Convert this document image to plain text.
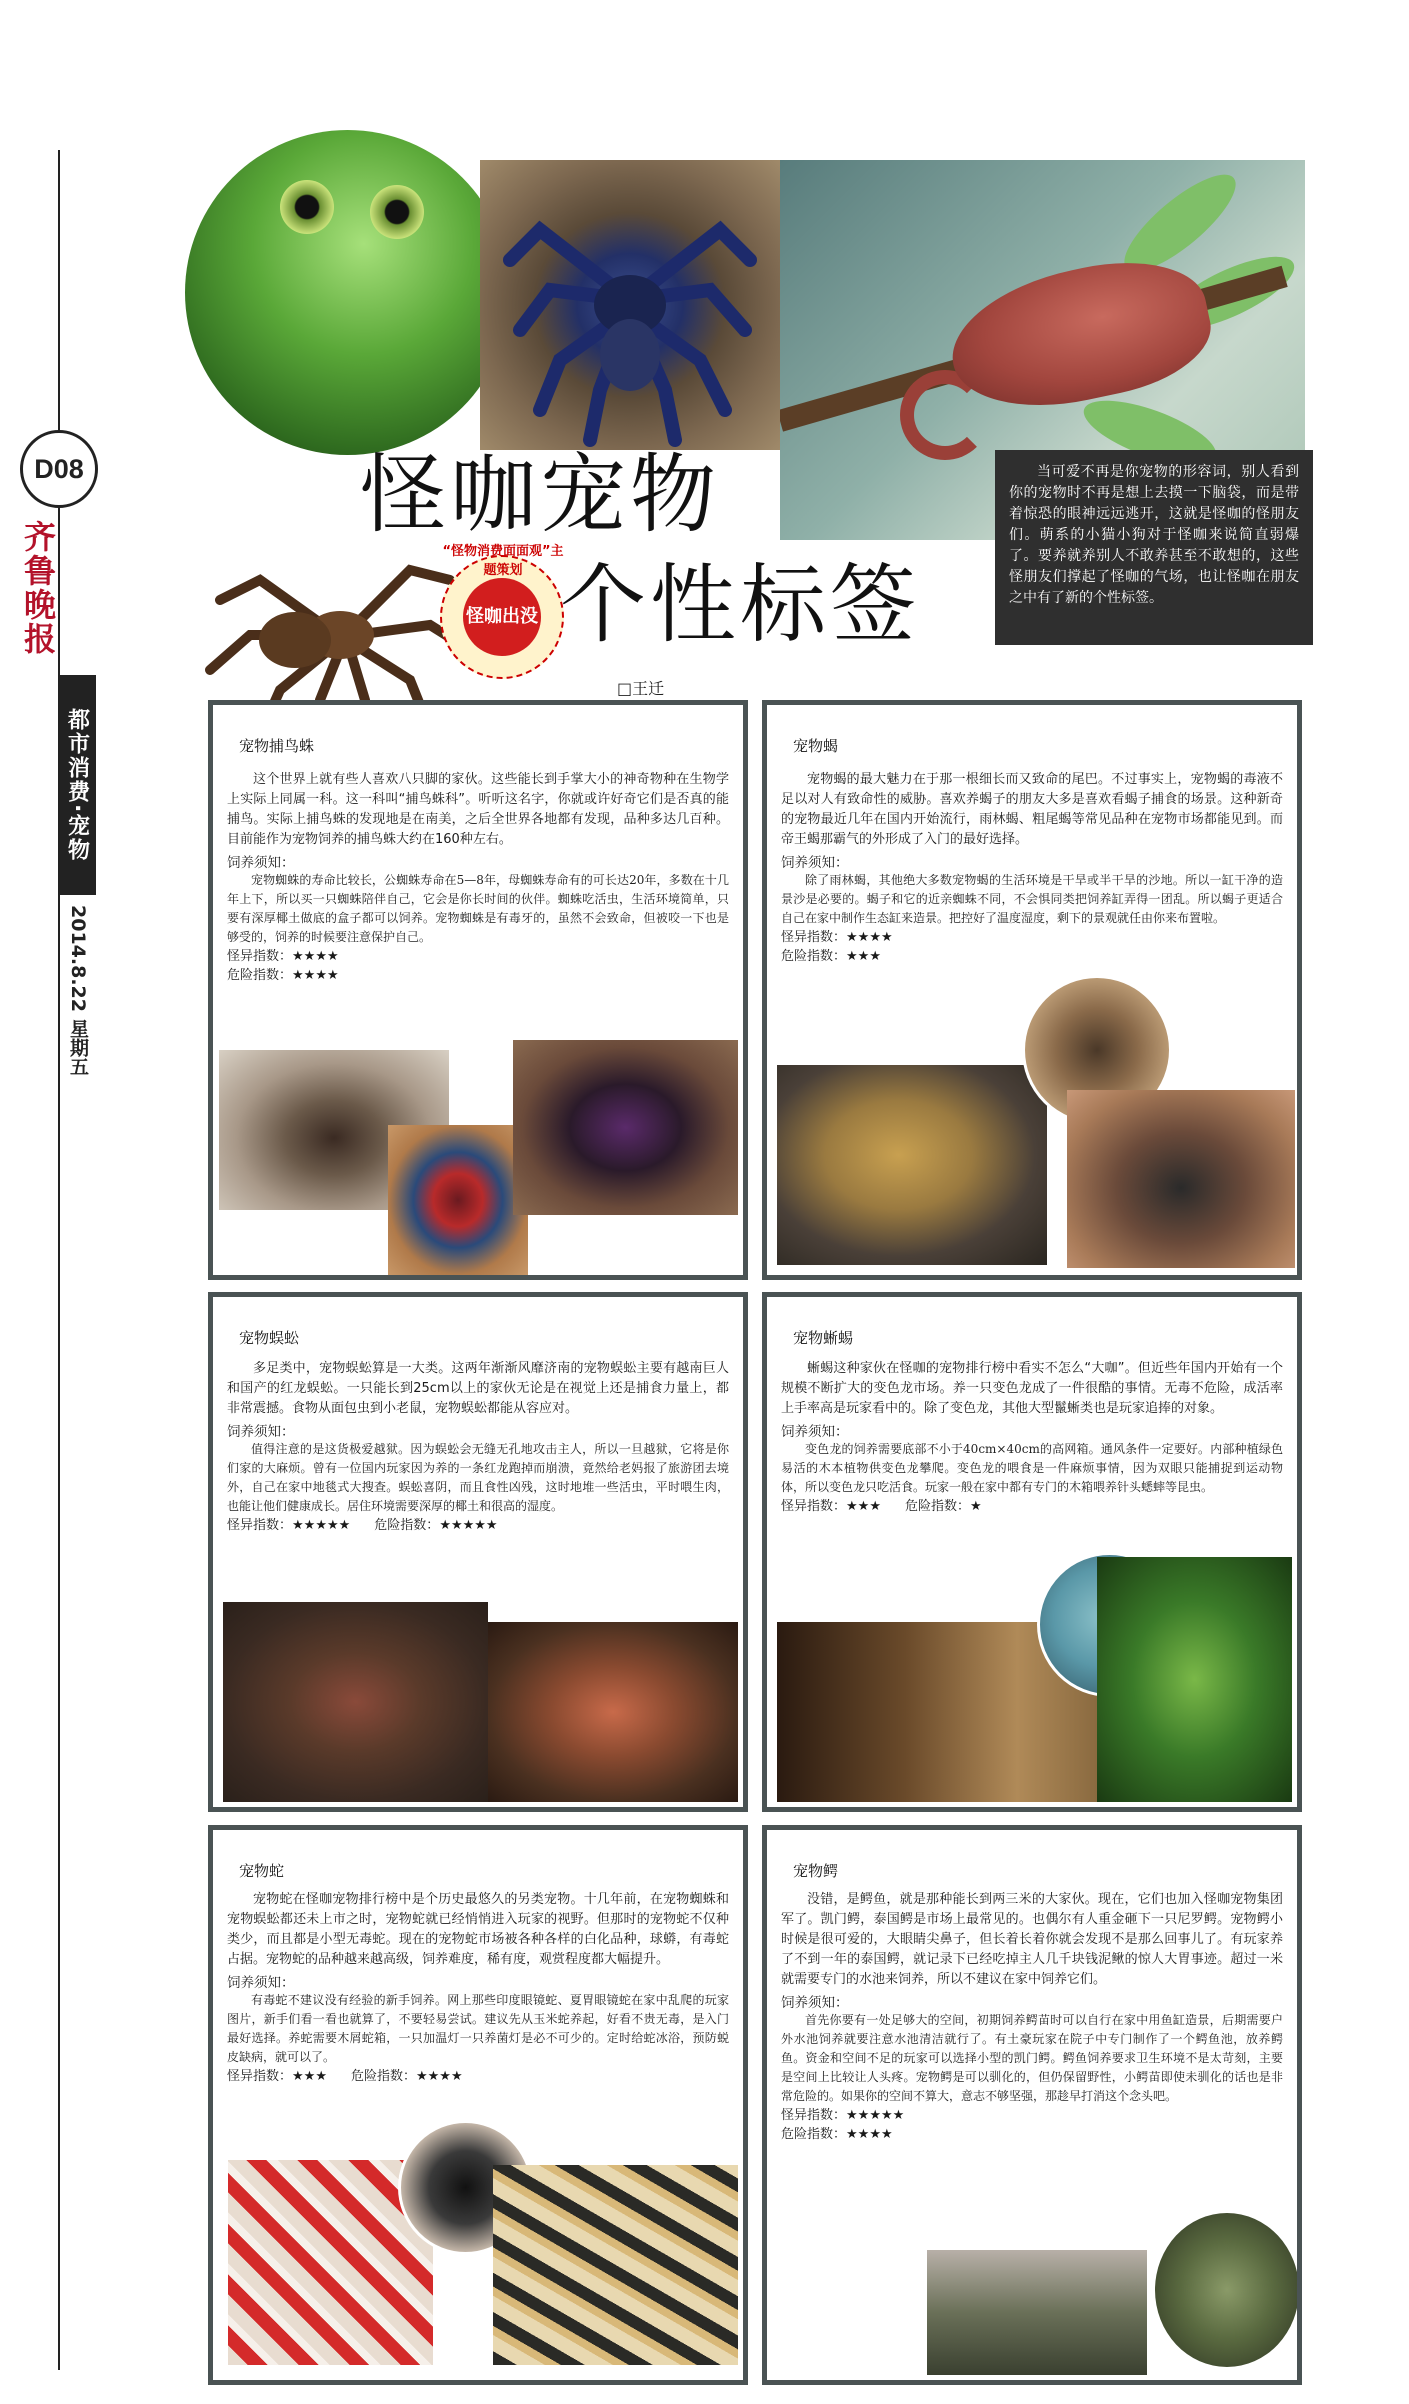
D08
齐鲁晚报
都市消费·宠物
2014.8.22 星期五
怪咖出没
“怪物消费面面观”主题策划
怪咖宠物
个性标签
□王迁
当可爱不再是你宠物的形容词，别人看到你的宠物时不再是想上去摸一下脑袋，而是带着惊恐的眼神远远逃开，这就是怪咖的怪朋友们。萌系的小猫小狗对于怪咖来说简直弱爆了。要养就养别人不敢养甚至不敢想的，这些怪朋友们撑起了怪咖的气场，也让怪咖在朋友之中有了新的个性标签。
宠物捕鸟蛛

这个世界上就有些人喜欢八只脚的家伙。这些能长到手掌大小的神奇物种在生物学上实际上同属一科。这一科叫“捕鸟蛛科”。听听这名字，你就或许好奇它们是否真的能捕鸟。实际上捕鸟蛛的发现地是在南美，之后全世界各地都有发现，品种多达几百种。目前能作为宠物饲养的捕鸟蛛大约在160种左右。

饲养须知：
宠物蜘蛛的寿命比较长，公蜘蛛寿命在5—8年，母蜘蛛寿命有的可长达20年，多数在十几年上下，所以买一只蜘蛛陪伴自己，它会是你长时间的伙伴。蜘蛛吃活虫，生活环境简单，只要有深厚椰土做底的盒子都可以饲养。宠物蜘蛛是有毒牙的，虽然不会致命，但被咬一下也是够受的，饲养的时候要注意保护自己。
怪异指数：★★★★
危险指数：★★★★
宠物蝎

宠物蝎的最大魅力在于那一根细长而又致命的尾巴。不过事实上，宠物蝎的毒液不足以对人有致命性的威胁。喜欢养蝎子的朋友大多是喜欢看蝎子捕食的场景。这种新奇的宠物最近几年在国内开始流行，雨林蝎、粗尾蝎等常见品种在宠物市场都能见到。而帝王蝎那霸气的外形成了入门的最好选择。

饲养须知：
除了雨林蝎，其他绝大多数宠物蝎的生活环境是干旱或半干旱的沙地。所以一缸干净的造景沙是必要的。蝎子和它的近亲蜘蛛不同，不会惧同类把饲养缸弄得一团乱。所以蝎子更适合自己在家中制作生态缸来造景。把控好了温度湿度，剩下的景观就任由你来布置啦。
怪异指数：★★★★
危险指数：★★★
宠物蜈蚣

多足类中，宠物蜈蚣算是一大类。这两年渐渐风靡济南的宠物蜈蚣主要有越南巨人和国产的红龙蜈蚣。一只能长到25cm以上的家伙无论是在视觉上还是捕食力量上，都非常震撼。食物从面包虫到小老鼠，宠物蜈蚣都能从容应对。

饲养须知：
值得注意的是这货极爱越狱。因为蜈蚣会无缝无孔地攻击主人，所以一旦越狱，它将是你们家的大麻烦。曾有一位国内玩家因为养的一条红龙跑掉而崩溃，竟然给老妈报了旅游团去境外，自己在家中地毯式大搜查。蜈蚣喜阴，而且食性凶残，这时地堆一些活虫，平时喂生肉，也能让他们健康成长。居住环境需要深厚的椰土和很高的湿度。
怪异指数：★★★★★ 危险指数：★★★★★
宠物蜥蜴

蜥蜴这种家伙在怪咖的宠物排行榜中看实不怎么“大咖”。但近些年国内开始有一个规模不断扩大的变色龙市场。养一只变色龙成了一件很酷的事情。无毒不危险，成活率上手率高是玩家看中的。除了变色龙，其他大型鬣蜥类也是玩家追捧的对象。

饲养须知：
变色龙的饲养需要底部不小于40cm×40cm的高网箱。通风条件一定要好。内部种植绿色易活的木本植物供变色龙攀爬。变色龙的喂食是一件麻烦事情，因为双眼只能捕捉到运动物体，所以变色龙只吃活食。玩家一般在家中都有专门的木箱喂养针头蟋蟀等昆虫。
怪异指数：★★★ 危险指数：★
宠物蛇

宠物蛇在怪咖宠物排行榜中是个历史最悠久的另类宠物。十几年前，在宠物蜘蛛和宠物蜈蚣都还未上市之时，宠物蛇就已经悄悄进入玩家的视野。但那时的宠物蛇不仅种类少，而且都是小型无毒蛇。现在的宠物蛇市场被各种各样的白化品种，球蟒，有毒蛇占据。宠物蛇的品种越来越高级，饲养难度，稀有度，观赏程度都大幅提升。

饲养须知：
有毒蛇不建议没有经验的新手饲养。网上那些印度眼镜蛇、夏胃眼镜蛇在家中乱爬的玩家图片，新手们看一看也就算了，不要轻易尝试。建议先从玉米蛇养起，好看不贵无毒，是入门最好选择。养蛇需要木屑蛇箱，一只加温灯一只养菌灯是必不可少的。定时给蛇冰浴，预防蜕皮缺病，就可以了。
怪异指数：★★★ 危险指数：★★★★
宠物鳄

没错，是鳄鱼，就是那种能长到两三米的大家伙。现在，它们也加入怪咖宠物集团军了。凯门鳄，泰国鳄是市场上最常见的。也偶尔有人重金砸下一只尼罗鳄。宠物鳄小时候是很可爱的，大眼睛尖鼻子，但长着长着你就会发现不是那么回事儿了。有玩家养了不到一年的泰国鳄，就记录下已经吃掉主人几千块钱泥鳅的惊人大胃事迹。超过一米就需要专门的水池来饲养，所以不建议在家中饲养它们。

饲养须知：
首先你要有一处足够大的空间，初期饲养鳄苗时可以自行在家中用鱼缸造景，后期需要户外水池饲养就要注意水池清洁就行了。有土豪玩家在院子中专门制作了一个鳄鱼池，放养鳄鱼。资金和空间不足的玩家可以选择小型的凯门鳄。鳄鱼饲养要求卫生环境不是太苛刻，主要是空间上比较让人头疼。宠物鳄是可以驯化的，但仍保留野性，小鳄苗即使未驯化的话也是非常危险的。如果你的空间不算大，意志不够坚强，那趁早打消这个念头吧。
怪异指数：★★★★★
危险指数：★★★★
